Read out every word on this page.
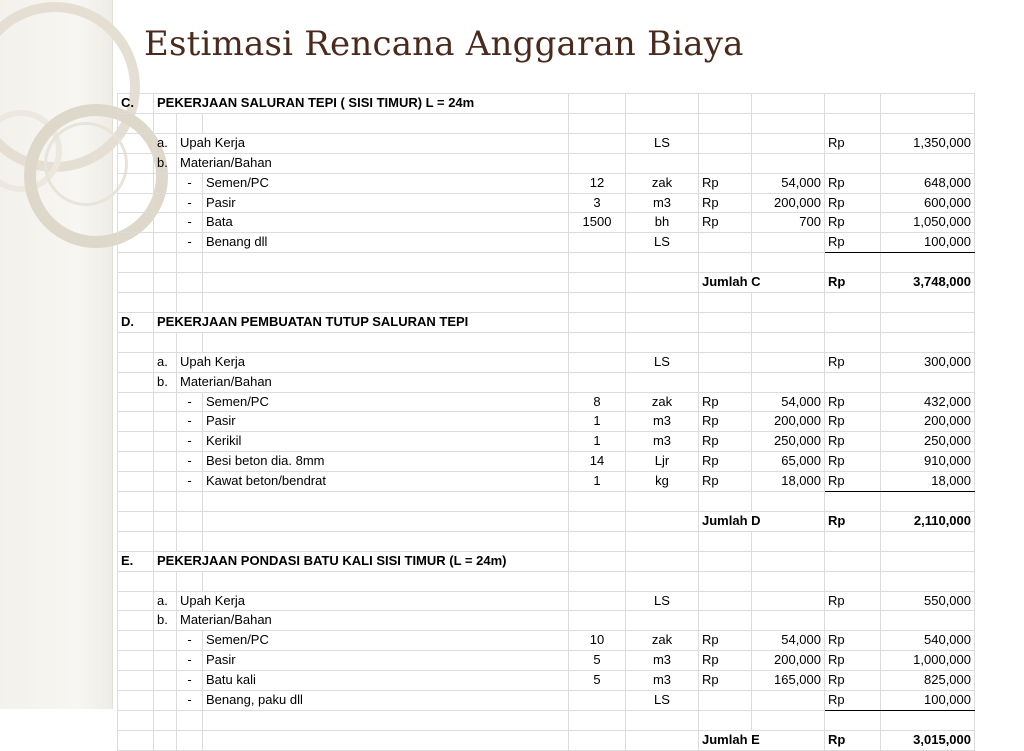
Estimasi Rencana Anggaran Biaya
C.	PEKERJAAN SALURAN TEPI ( SISI TIMUR) L = 24m								

	a.	Upah Kerja			LS			Rp	1,350,000
	b.	Materian/Bahan							
		-	Semen/PC	12	zak	Rp	54,000	Rp	648,000
		-	Pasir	3	m3	Rp	200,000	Rp	600,000
		-	Bata	1500	bh	Rp	700	Rp	1,050,000
		-	Benang dll		LS			Rp	100,000

						Jumlah C		Rp	3,748,000

D.	PEKERJAAN PEMBUATAN TUTUP SALURAN TEPI								

	a.	Upah Kerja			LS			Rp	300,000
	b.	Materian/Bahan							
		-	Semen/PC	8	zak	Rp	54,000	Rp	432,000
		-	Pasir	1	m3	Rp	200,000	Rp	200,000
		-	Kerikil	1	m3	Rp	250,000	Rp	250,000
		-	Besi beton dia. 8mm	14	Ljr	Rp	65,000	Rp	910,000
		-	Kawat beton/bendrat	1	kg	Rp	18,000	Rp	18,000

						Jumlah D		Rp	2,110,000

E.	PEKERJAAN PONDASI BATU KALI SISI TIMUR (L = 24m)								

	a.	Upah Kerja			LS			Rp	550,000
	b.	Materian/Bahan							
		-	Semen/PC	10	zak	Rp	54,000	Rp	540,000
		-	Pasir	5	m3	Rp	200,000	Rp	1,000,000
		-	Batu kali	5	m3	Rp	165,000	Rp	825,000
		-	Benang, paku dll		LS			Rp	100,000

						Jumlah E		Rp	3,015,000
